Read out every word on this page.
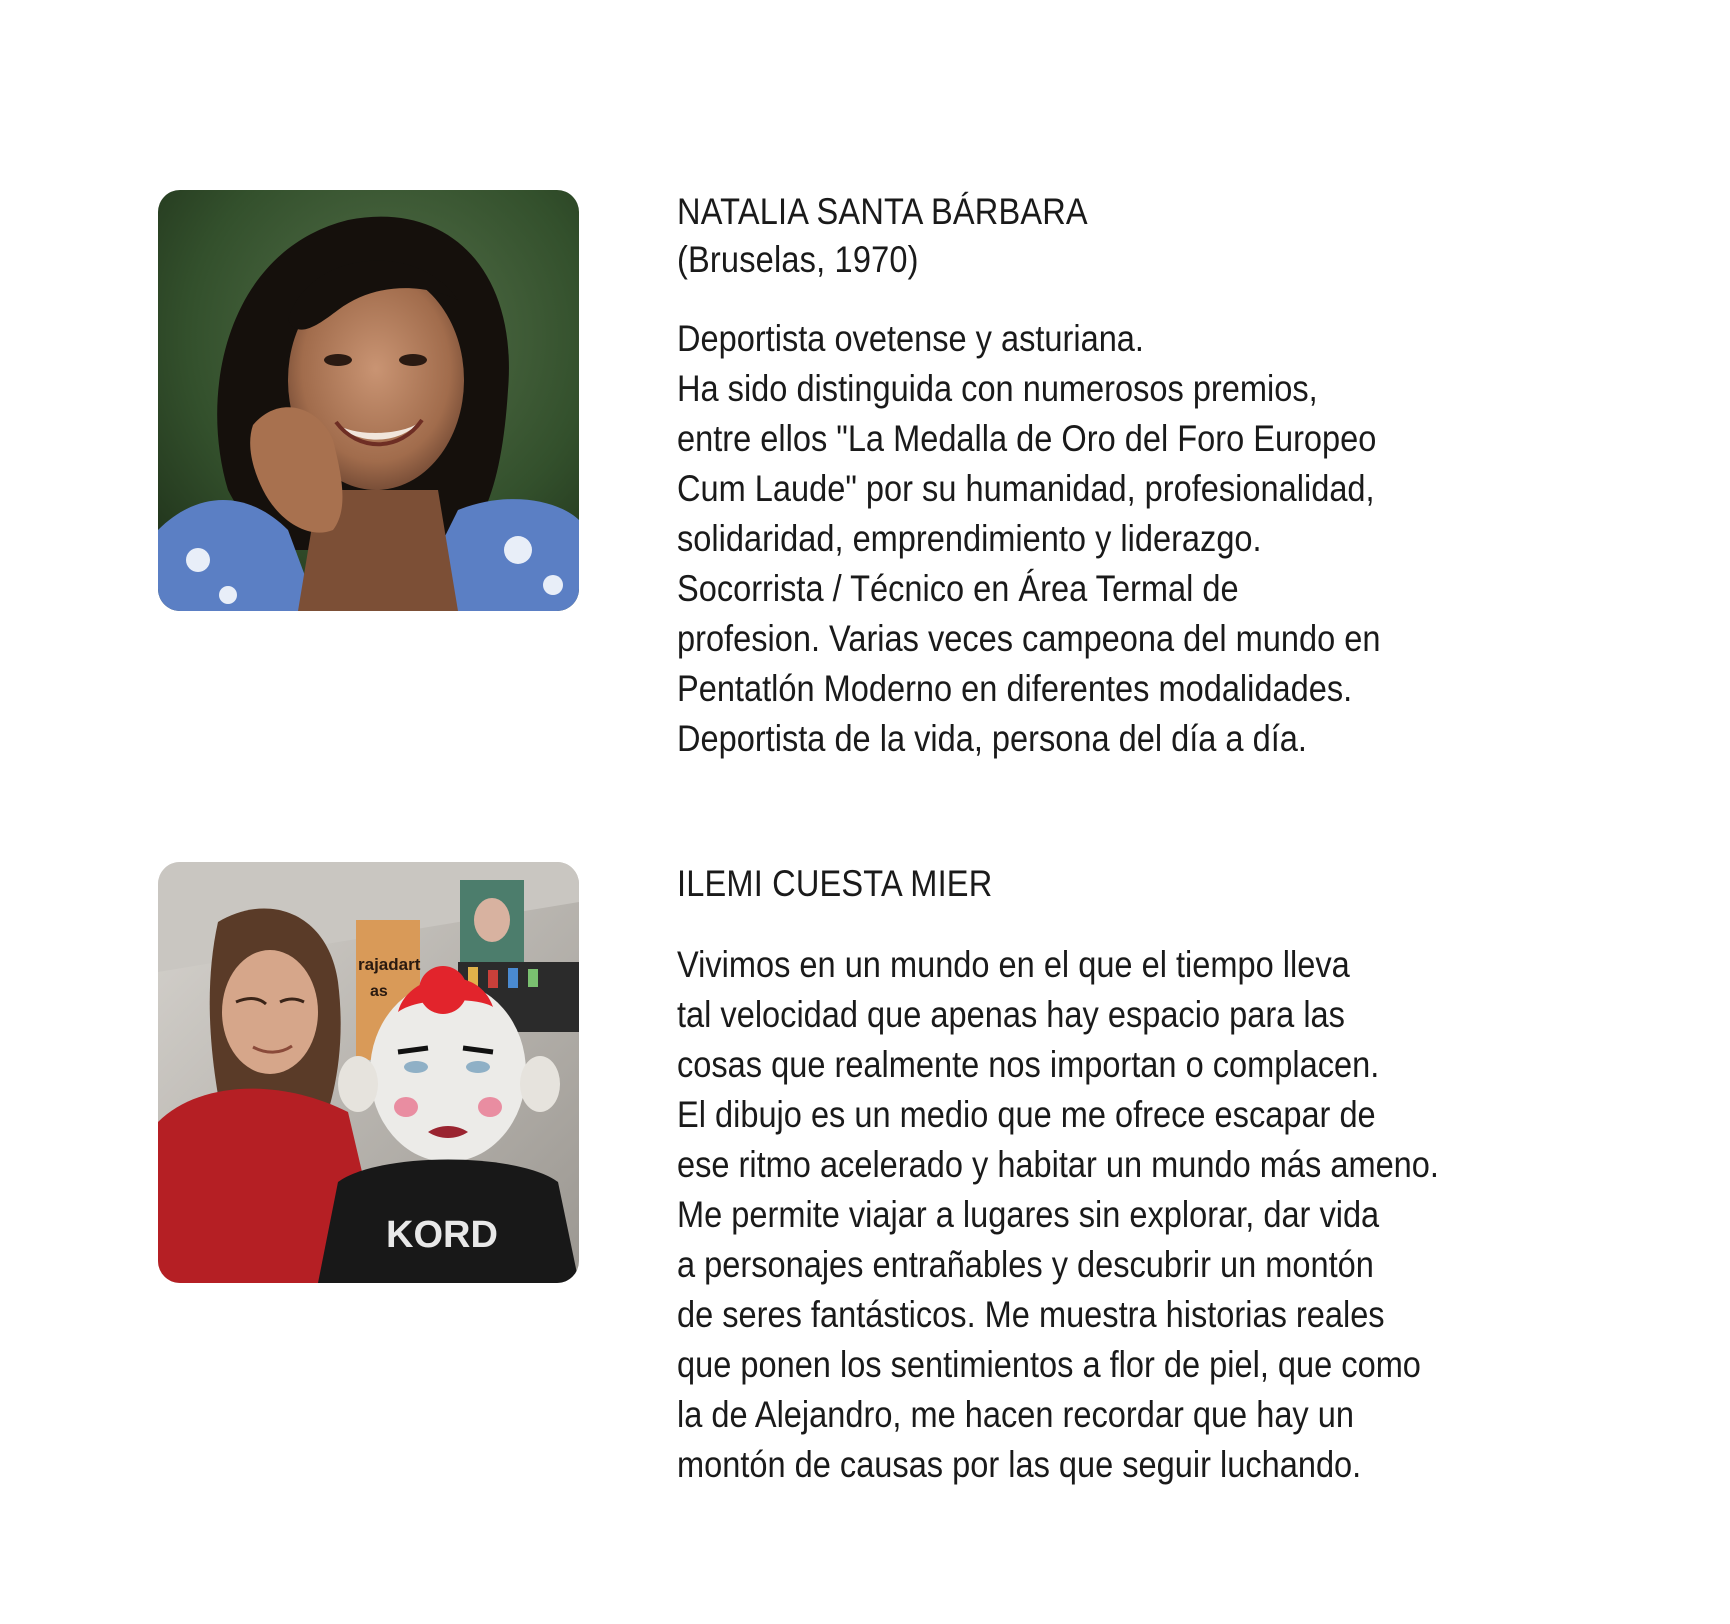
NATALIA SANTA BÁRBARA
(Bruselas, 1970)
Deportista ovetense y asturiana.
Ha sido distinguida con numerosos premios,
entre ellos "La Medalla de Oro del Foro Europeo
Cum Laude" por su humanidad, profesionalidad,
solidaridad, emprendimiento y liderazgo.
Socorrista / Técnico en Área Termal de
profesion. Varias veces campeona del mundo en
Pentatlón Moderno en diferentes modalidades.
Deportista de la vida, persona del día a día.
rajadart
as
KORD
ILEMI CUESTA MIER
Vivimos en un mundo en el que el tiempo lleva
tal velocidad que apenas hay espacio para las
cosas que realmente nos importan o complacen.
El dibujo es un medio que me ofrece escapar de
ese ritmo acelerado y habitar un mundo más ameno.
Me permite viajar a lugares sin explorar, dar vida
a personajes entrañables y descubrir un montón
de seres fantásticos. Me muestra historias reales
que ponen los sentimientos a flor de piel, que como
la de Alejandro, me hacen recordar que hay un
montón de causas por las que seguir luchando.
